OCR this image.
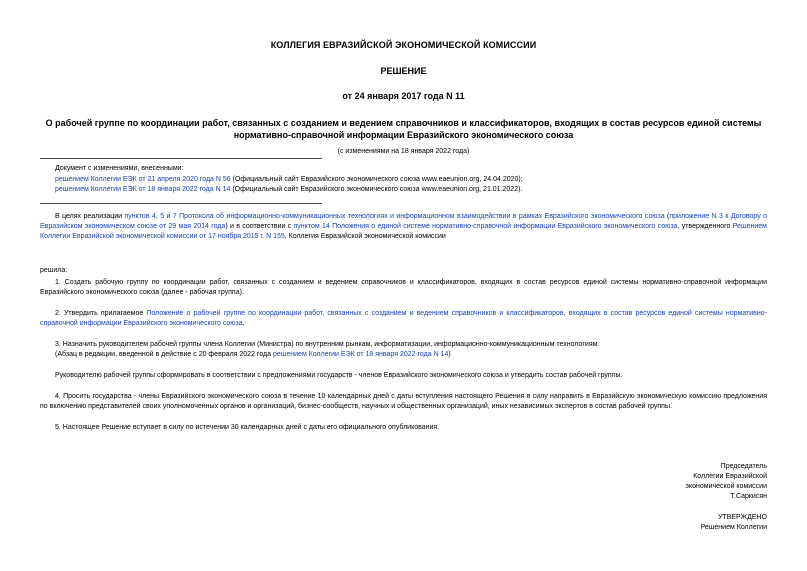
КОЛЛЕГИЯ ЕВРАЗИЙСКОЙ ЭКОНОМИЧЕСКОЙ КОМИССИИ
РЕШЕНИЕ
от 24 января 2017 года N 11
О рабочей группе по координации работ, связанных с созданием и ведением справочников и классификаторов, входящих в состав ресурсов единой системы
нормативно-справочной информации Евразийского экономического союза
(с изменениями на 18 января 2022 года)
Документ с изменениями, внесенными:
решением Коллегии ЕЭК от 21 апреля 2020 года N 56 (Официальный сайт Евразийского экономического союза www.eaeunion.org, 24.04.2020);
решением Коллегии ЕЭК от 18 января 2022 года N 14 (Официальный сайт Евразийского экономического союза www.eaeunion.org, 21.01.2022).
В целях реализации пунктов 4, 5 и 7 Протокола об информационно-коммуникационных технологиях и информационном взаимодействии в рамках Евразийского экономического союза (приложение N 3 к Договору о Евразийском экономическом союзе от 29 мая 2014 года) и в соответствии с пунктом 14 Положения о единой системе нормативно-справочной информации Евразийского экономического союза, утвержденного Решением Коллегии Евразийской экономической комиссии от 17 ноября 2015 г. N 155, Коллегия Евразийской экономической комиссии
решила:
1. Создать рабочую группу по координации работ, связанных с созданием и ведением справочников и классификаторов, входящих в состав ресурсов единой системы нормативно-справочной информации Евразийского экономического союза (далее - рабочая группа).
2. Утвердить прилагаемое Положение о рабочей группе по координации работ, связанных с созданием и ведением справочников и классификаторов, входящих в состав ресурсов единой системы нормативно-справочной информации Евразийского экономического союза.
3. Назначить руководителем рабочей группы члена Коллегии (Министра) по внутренним рынкам, информатизации, информационно-коммуникационным технологиям.
(Абзац в редакции, введенной в действие с 20 февраля 2022 года решением Коллегии ЕЭК от 18 января 2022 года N 14)
Руководителю рабочей группы сформировать в соответствии с предложениями государств - членов Евразийского экономического союза и утвердить состав рабочей группы.
4. Просить государства - члены Евразийского экономического союза в течение 10 календарных дней с даты вступления настоящего Решения в силу направить в Евразийскую экономическую комиссию предложения по включению представителей своих уполномоченных органов и организаций, бизнес-сообществ, научных и общественных организаций, иных независимых экспертов в состав рабочей группы.
5. Настоящее Решение вступает в силу по истечении 30 календарных дней с даты его официального опубликования.
Председатель
Коллегии Евразийской
экономической комиссии
Т.Саркисян
УТВЕРЖДЕНО
Решением Коллегии
